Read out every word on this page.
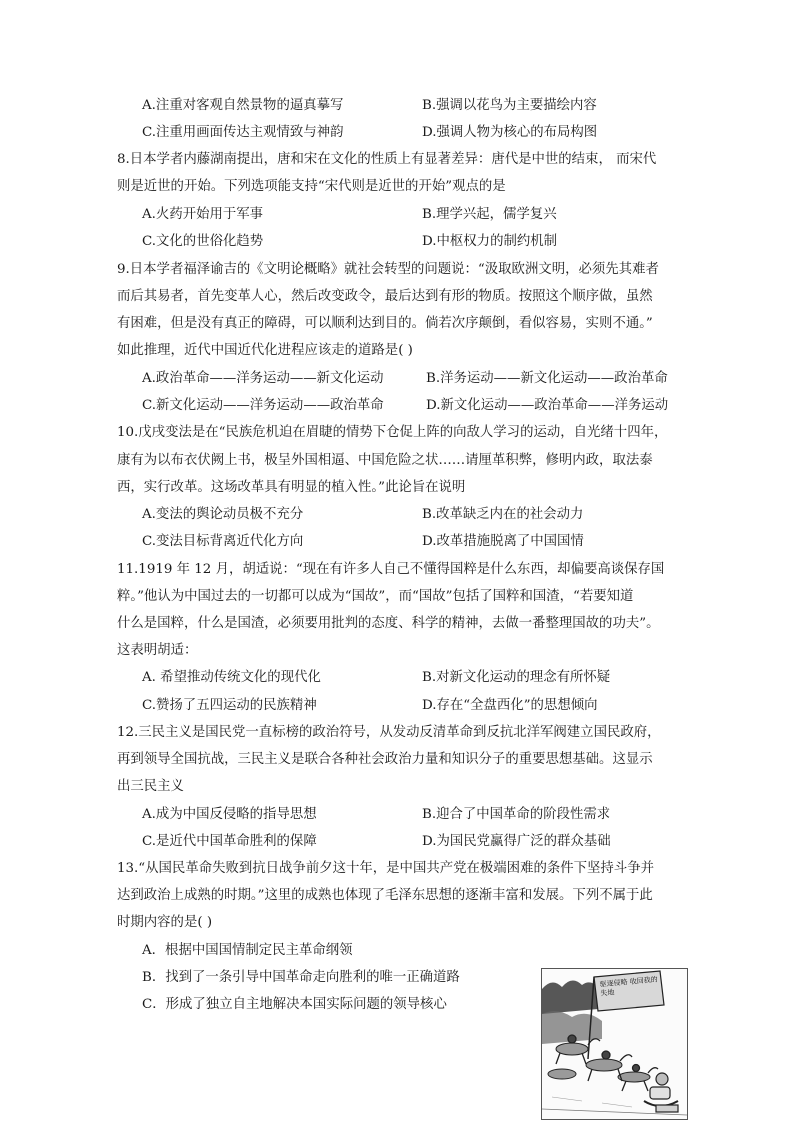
A.注重对客观自然景物的逼真摹写	B.强调以花鸟为主要描绘内容
C.注重用画面传达主观情致与神韵	D.强调人物为核心的布局构图
8.日本学者内藤湖南提出，唐和宋在文化的性质上有显著差异：唐代是中世的结束， 而宋代
则是近世的开始。下列选项能支持“宋代则是近世的开始”观点的是
A.火药开始用于军事	B.理学兴起，儒学复兴
C.文化的世俗化趋势	D.中枢权力的制约机制
9.日本学者福泽谕吉的《文明论概略》就社会转型的问题说：“汲取欧洲文明，必须先其难者
而后其易者，首先变革人心，然后改变政令，最后达到有形的物质。按照这个顺序做，虽然
有困难，但是没有真正的障碍，可以顺利达到目的。倘若次序颠倒，看似容易，实则不通。”
如此推理，近代中国近代化进程应该走的道路是( )
A.政治革命——洋务运动——新文化运动	B.洋务运动——新文化运动——政治革命
C.新文化运动——洋务运动——政治革命	D.新文化运动——政治革命——洋务运动
10.戊戌变法是在“民族危机迫在眉睫的情势下仓促上阵的向敌人学习的运动，自光绪十四年，
康有为以布衣伏阙上书，极呈外国相逼、中国危险之状……请厘革积弊，修明内政，取法泰
西，实行改革。这场改革具有明显的植入性。”此论旨在说明
A.变法的舆论动员极不充分	B.改革缺乏内在的社会动力
C.变法目标背离近代化方向	D.改革措施脱离了中国国情
11.1919 年 12 月，胡适说：“现在有许多人自己不懂得国粹是什么东西，却偏要高谈保存国
粹。”他认为中国过去的一切都可以成为“国故”，而“国故”包括了国粹和国渣，“若要知道
什么是国粹，什么是国渣，必须要用批判的态度、科学的精神，去做一番整理国故的功夫”。
这表明胡适：
A. 希望推动传统文化的现代化	B.对新文化运动的理念有所怀疑
C.赞扬了五四运动的民族精神	D.存在“全盘西化”的思想倾向
12.三民主义是国民党一直标榜的政治符号，从发动反清革命到反抗北洋军阀建立国民政府，
再到领导全国抗战，三民主义是联合各种社会政治力量和知识分子的重要思想基础。这显示
出三民主义
A.成为中国反侵略的指导思想	B.迎合了中国革命的阶段性需求
C.是近代中国革命胜利的保障	D.为国民党赢得广泛的群众基础
13.“从国民革命失败到抗日战争前夕这十年，是中国共产党在极端困难的条件下坚持斗争并
达到政治上成熟的时期。”这里的成熟也体现了毛泽东思想的逐渐丰富和发展。下列不属于此
时期内容的是( )
A．根据中国国情制定民主革命纲领
B．找到了一条引导中国革命走向胜利的唯一正确道路
C．形成了独立自主地解决本国实际问题的领导核心
驱逐侵略 收回我的失地
